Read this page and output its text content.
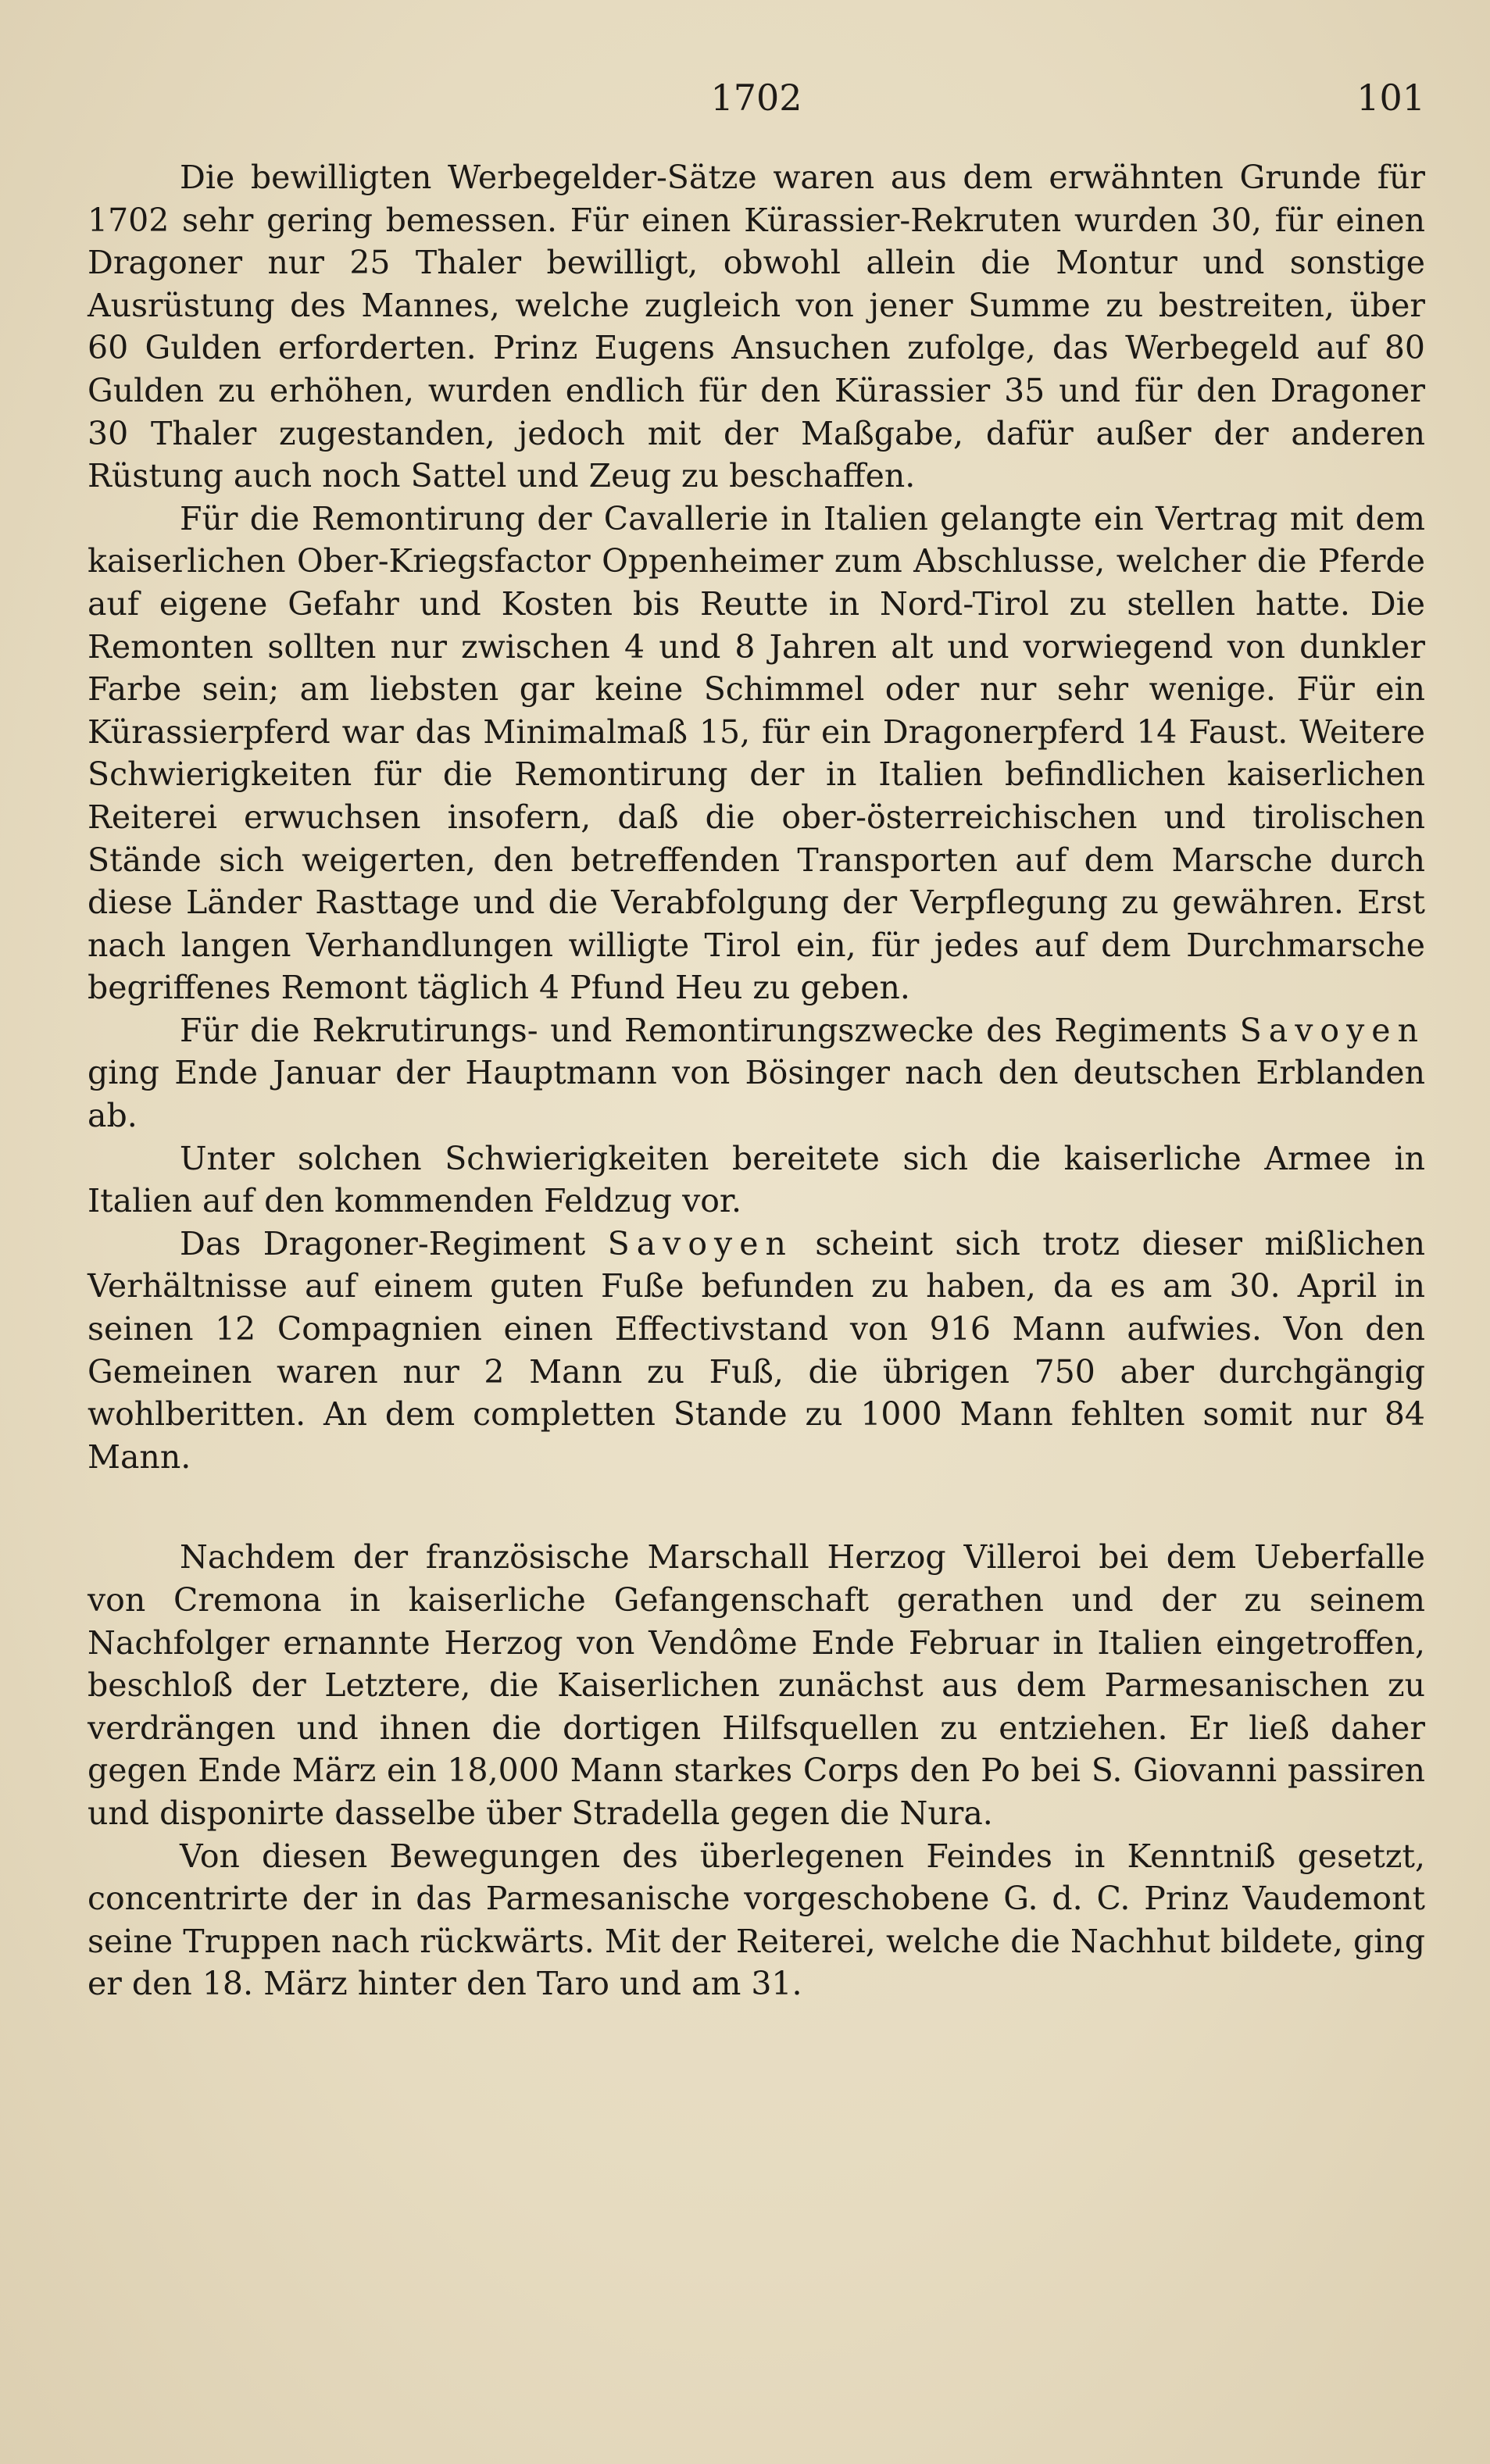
1702	101

Die bewilligten Werbegelder-Sätze waren aus dem erwähnten Grunde für 1702 sehr gering bemessen. Für einen Kürassier-Rekruten wurden 30, für einen Dragoner nur 25 Thaler bewilligt, obwohl allein die Montur und sonstige Ausrüstung des Mannes, welche zugleich von jener Summe zu bestreiten, über 60 Gulden erforderten. Prinz Eugens Ansuchen zufolge, das Werbegeld auf 80 Gulden zu erhöhen, wurden endlich für den Kürassier 35 und für den Dragoner 30 Thaler zugestanden, jedoch mit der Maßgabe, dafür außer der anderen Rüstung auch noch Sattel und Zeug zu beschaffen.

Für die Remontirung der Cavallerie in Italien gelangte ein Vertrag mit dem kaiserlichen Ober-Kriegsfactor Oppenheimer zum Abschlusse, welcher die Pferde auf eigene Gefahr und Kosten bis Reutte in Nord-Tirol zu stellen hatte. Die Remonten sollten nur zwischen 4 und 8 Jahren alt und vorwiegend von dunkler Farbe sein; am liebsten gar keine Schimmel oder nur sehr wenige. Für ein Kürassierpferd war das Minimalmaß 15, für ein Dragonerpferd 14 Faust. Weitere Schwierigkeiten für die Remontirung der in Italien befindlichen kaiserlichen Reiterei erwuchsen insofern, daß die ober-österreichischen und tirolischen Stände sich weigerten, den betreffenden Transporten auf dem Marsche durch diese Länder Rasttage und die Verabfolgung der Verpflegung zu gewähren. Erst nach langen Verhandlungen willigte Tirol ein, für jedes auf dem Durchmarsche begriffenes Remont täglich 4 Pfund Heu zu geben.

Für die Rekrutirungs- und Remontirungszwecke des Regiments Savoyen ging Ende Januar der Hauptmann von Bösinger nach den deutschen Erblanden ab.

Unter solchen Schwierigkeiten bereitete sich die kaiserliche Armee in Italien auf den kommenden Feldzug vor.

Das Dragoner-Regiment Savoyen scheint sich trotz dieser mißlichen Verhältnisse auf einem guten Fuße befunden zu haben, da es am 30. April in seinen 12 Compagnien einen Effectivstand von 916 Mann aufwies. Von den Gemeinen waren nur 2 Mann zu Fuß, die übrigen 750 aber durchgängig wohlberitten. An dem completten Stande zu 1000 Mann fehlten somit nur 84 Mann.

Nachdem der französische Marschall Herzog Villeroi bei dem Ueberfalle von Cremona in kaiserliche Gefangenschaft gerathen und der zu seinem Nachfolger ernannte Herzog von Vendôme Ende Februar in Italien eingetroffen, beschloß der Letztere, die Kaiserlichen zunächst aus dem Parmesanischen zu verdrängen und ihnen die dortigen Hilfsquellen zu entziehen. Er ließ daher gegen Ende März ein 18,000 Mann starkes Corps den Po bei S. Giovanni passiren und disponirte dasselbe über Stradella gegen die Nura.

Von diesen Bewegungen des überlegenen Feindes in Kenntniß gesetzt, concentrirte der in das Parmesanische vorgeschobene G. d. C. Prinz Vaudemont seine Truppen nach rückwärts. Mit der Reiterei, welche die Nachhut bildete, ging er den 18. März hinter den Taro und am 31.
